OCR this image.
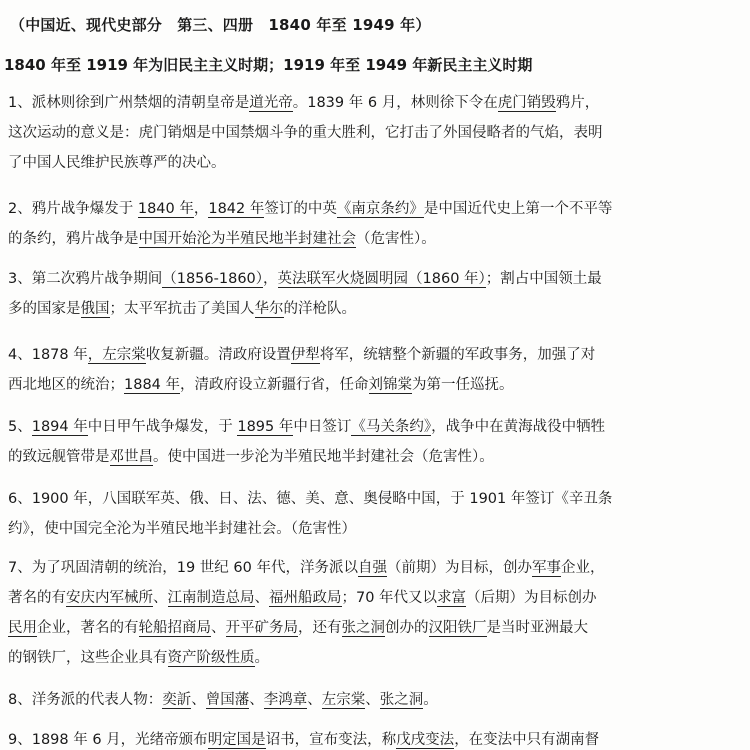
（中国近、现代史部分　第三、四册　1840 年至 1949 年）
1840 年至 1919 年为旧民主主义时期；1919 年至 1949 年新民主主义时期
1、派林则徐到广州禁烟的清朝皇帝是道光帝。1839 年 6 月，林则徐下令在虎门销毁鸦片，
这次运动的意义是：虎门销烟是中国禁烟斗争的重大胜利，它打击了外国侵略者的气焰，表明
了中国人民维护民族尊严的决心。
2、鸦片战争爆发于 1840 年，1842 年签订的中英《南京条约》是中国近代史上第一个不平等
的条约，鸦片战争是中国开始沦为半殖民地半封建社会（危害性）。
3、第二次鸦片战争期间（1856-1860），英法联军火烧圆明园（1860 年）；割占中国领土最
多的国家是俄国；太平军抗击了美国人华尔的洋枪队。
4、1878 年，左宗棠收复新疆。清政府设置伊犁将军，统辖整个新疆的军政事务，加强了对
西北地区的统治；1884 年，清政府设立新疆行省，任命刘锦棠为第一任巡抚。
5、1894 年中日甲午战争爆发，于 1895 年中日签订《马关条约》，战争中在黄海战役中牺牲
的致远舰管带是邓世昌。使中国进一步沦为半殖民地半封建社会（危害性）。
6、1900 年，八国联军英、俄、日、法、德、美、意、奥侵略中国，于 1901 年签订《辛丑条
约》，使中国完全沦为半殖民地半封建社会。（危害性）
7、为了巩固清朝的统治，19 世纪 60 年代，洋务派以自强（前期）为目标，创办军事企业，
著名的有安庆内军械所、江南制造总局、福州船政局；70 年代又以求富（后期）为目标创办
民用企业，著名的有轮船招商局、开平矿务局，还有张之洞创办的汉阳铁厂是当时亚洲最大
的钢铁厂，这些企业具有资产阶级性质。
8、洋务派的代表人物：奕訢、曾国藩、李鸿章、左宗棠、张之洞。
9、1898 年 6 月，光绪帝颁布明定国是诏书，宣布变法，称戊戌变法，在变法中只有湖南督
